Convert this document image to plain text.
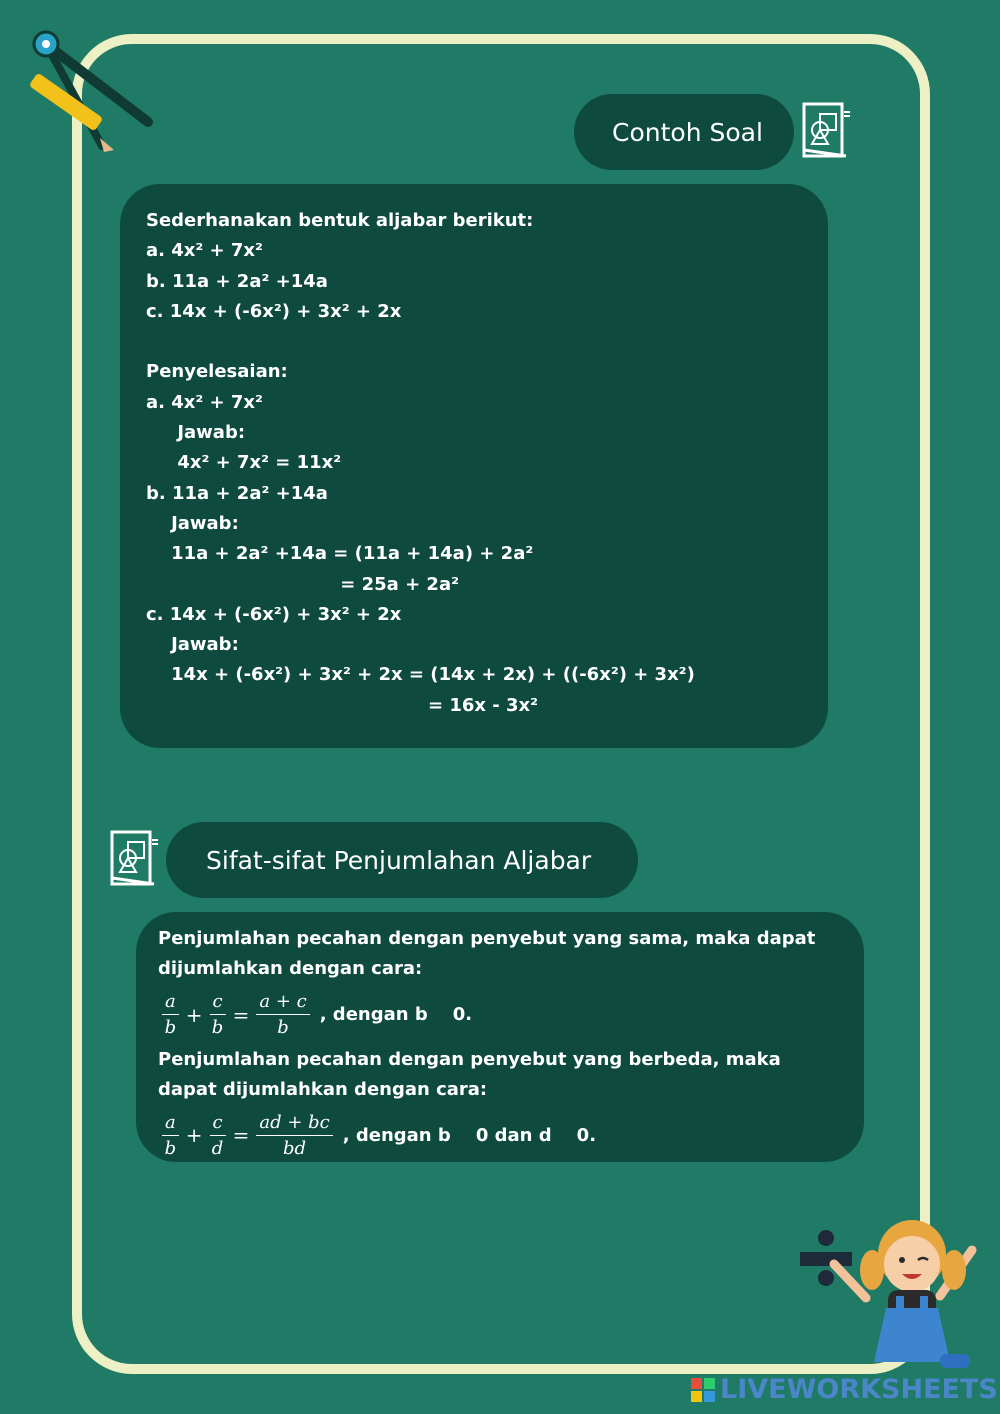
Contoh Soal
Sederhanakan bentuk aljabar berikut:
a. 4x² + 7x²
b. 11a + 2a² +14a
c. 14x + (-6x²) + 3x² + 2x
Penyelesaian:
a. 4x² + 7x²
Jawab:
4x² + 7x² = 11x²
b. 11a + 2a² +14a
Jawab:
11a + 2a² +14a = (11a + 14a) + 2a²
= 25a + 2a²
c. 14x + (-6x²) + 3x² + 2x
Jawab:
14x + (-6x²) + 3x² + 2x = (14x + 2x) + ((-6x²) + 3x²)
= 16x - 3x²
Sifat-sifat Penjumlahan Aljabar
Penjumlahan pecahan dengan penyebut yang sama, maka dapat
dijumlahkan dengan cara:
$\frac{a}{b} + \frac{c}{b} = \frac{a + c}{b}$ , dengan b    0.
Penjumlahan pecahan dengan penyebut yang berbeda, maka
dapat dijumlahkan dengan cara:
$\frac{a}{b} + \frac{c}{d} = \frac{ad + bc}{bd}$ , dengan b    0 dan d    0.
LIVEWORKSHEETS
